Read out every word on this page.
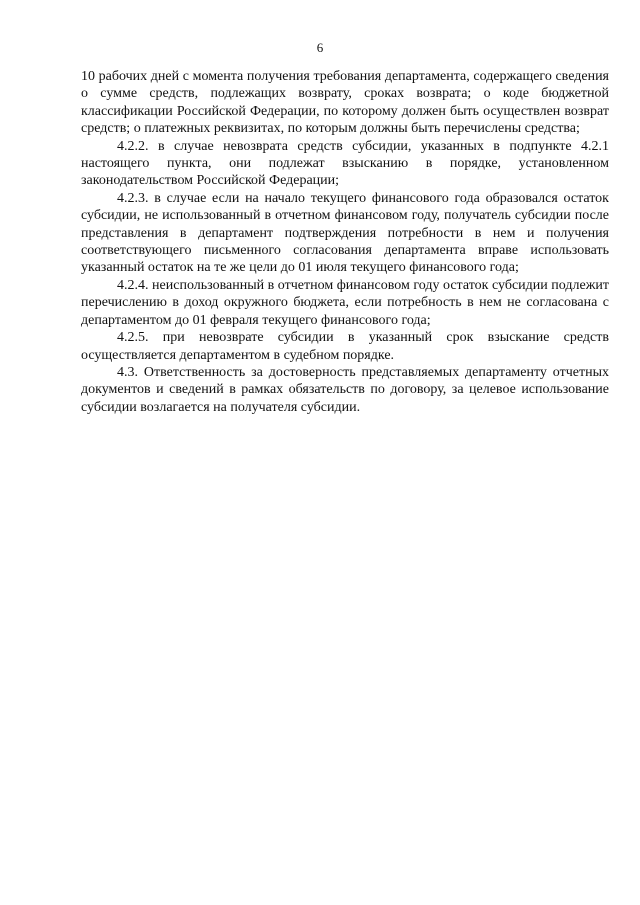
6

10 рабочих дней с момента получения требования департамента, содержащего сведения о сумме средств, подлежащих возврату, сроках возврата; о коде бюджетной классификации Российской Федерации, по которому должен быть осуществлен возврат средств; о платежных реквизитах, по которым должны быть перечислены средства;

4.2.2. в случае невозврата средств субсидии, указанных в подпункте 4.2.1 настоящего пункта, они подлежат взысканию в порядке, установленном законодательством Российской Федерации;

4.2.3. в случае если на начало текущего финансового года образовался остаток субсидии, не использованный в отчетном финансовом году, получатель субсидии после представления в департамент подтверждения потребности в нем и получения соответствующего письменного согласования департамента вправе использовать указанный остаток на те же цели до 01 июля текущего финансового года;

4.2.4. неиспользованный в отчетном финансовом году остаток субсидии подлежит перечислению в доход окружного бюджета, если потребность в нем не согласована с департаментом до 01 февраля текущего финансового года;

4.2.5. при невозврате субсидии в указанный срок взыскание средств осуществляется департаментом в судебном порядке.

4.3. Ответственность за достоверность представляемых департаменту отчетных документов и сведений в рамках обязательств по договору, за целевое использование субсидии возлагается на получателя субсидии.
